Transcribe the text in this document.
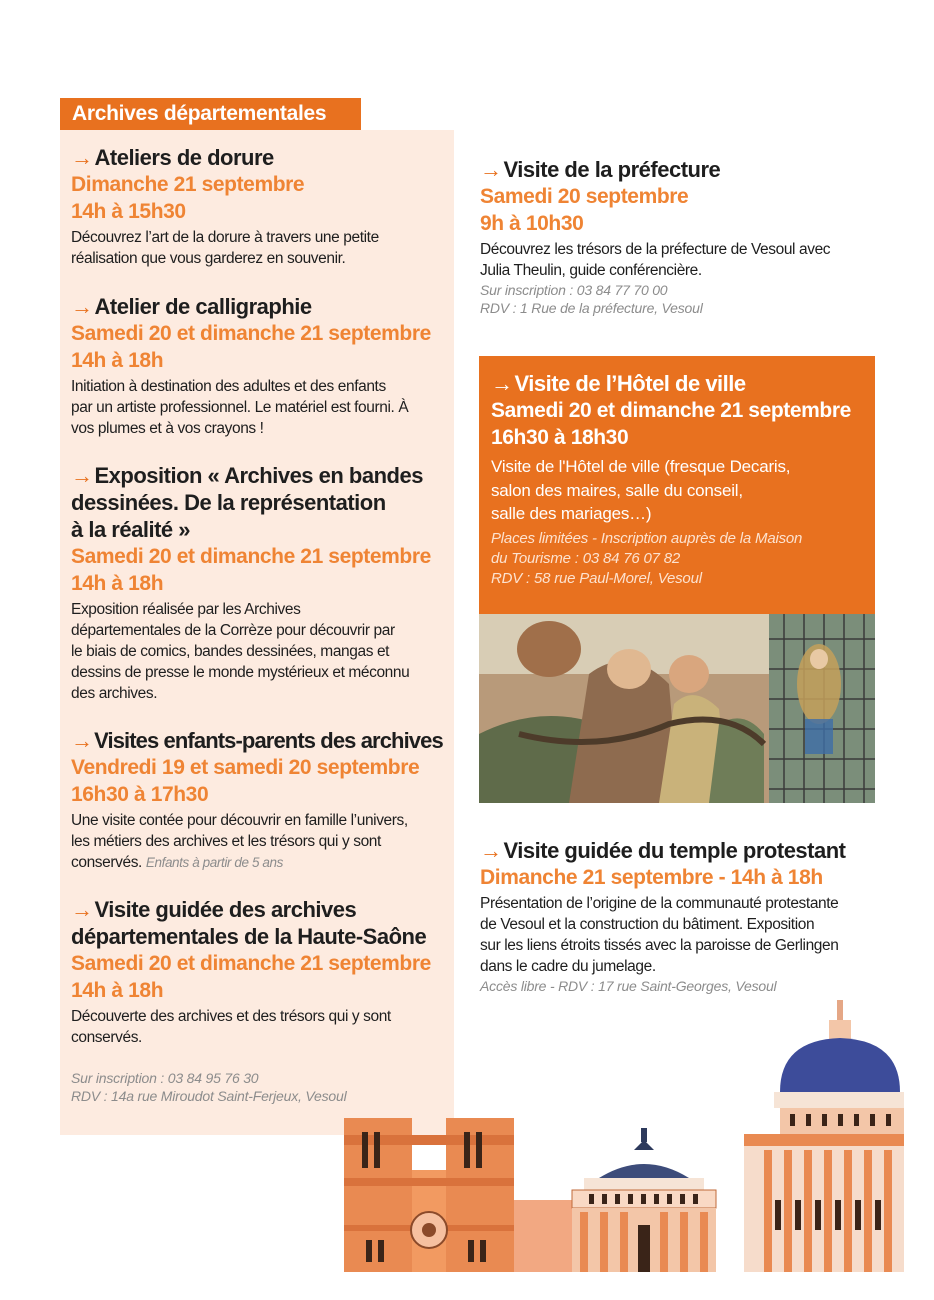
Archives départementales
→Ateliers de dorure
Dimanche 21 septembre
14h à 15h30
Découvrez l’art de la dorure à travers une petite
réalisation que vous garderez en souvenir.
→Atelier de calligraphie
Samedi 20 et dimanche 21 septembre
14h à 18h
Initiation à destination des adultes et des enfants
par un artiste professionnel. Le matériel est fourni. À
vos plumes et à vos crayons !
→Exposition « Archives en bandes
dessinées. De la représentation
à la réalité »
Samedi 20 et dimanche 21 septembre
14h à 18h
Exposition réalisée par les Archives
départementales de la Corrèze pour découvrir par
le biais de comics, bandes dessinées, mangas et
dessins de presse le monde mystérieux et méconnu
des archives.
→Visites enfants-parents des archives
Vendredi 19 et samedi 20 septembre
16h30 à 17h30
Une visite contée pour découvrir en famille l’univers,
les métiers des archives et les trésors qui y sont
conservés. Enfants à partir de 5 ans
→Visite guidée des archives
départementales de la Haute-Saône
Samedi 20 et dimanche 21 septembre
14h à 18h
Découverte des archives et des trésors qui y sont
conservés.
Sur inscription : 03 84 95 76 30
RDV : 14a rue Miroudot Saint-Ferjeux, Vesoul
→Visite de la préfecture
Samedi 20 septembre
9h à 10h30
Découvrez les trésors de la préfecture de Vesoul avec
Julia Theulin, guide conférencière.
Sur inscription : 03 84 77 70 00
RDV : 1 Rue de la préfecture, Vesoul
→Visite de l’Hôtel de ville
Samedi 20 et dimanche 21 septembre
16h30 à 18h30
Visite de l'Hôtel de ville (fresque Decaris,
salon des maires, salle du conseil,
salle des mariages…)
Places limitées - Inscription auprès de la Maison
du Tourisme : 03 84 76 07 82
RDV : 58 rue Paul-Morel, Vesoul
→Visite guidée du temple protestant
Dimanche 21 septembre - 14h à 18h
Présentation de l’origine de la communauté protestante
de Vesoul et la construction du bâtiment. Exposition
sur les liens étroits tissés avec la paroisse de Gerlingen
dans le cadre du jumelage.
Accès libre - RDV : 17 rue Saint-Georges, Vesoul
